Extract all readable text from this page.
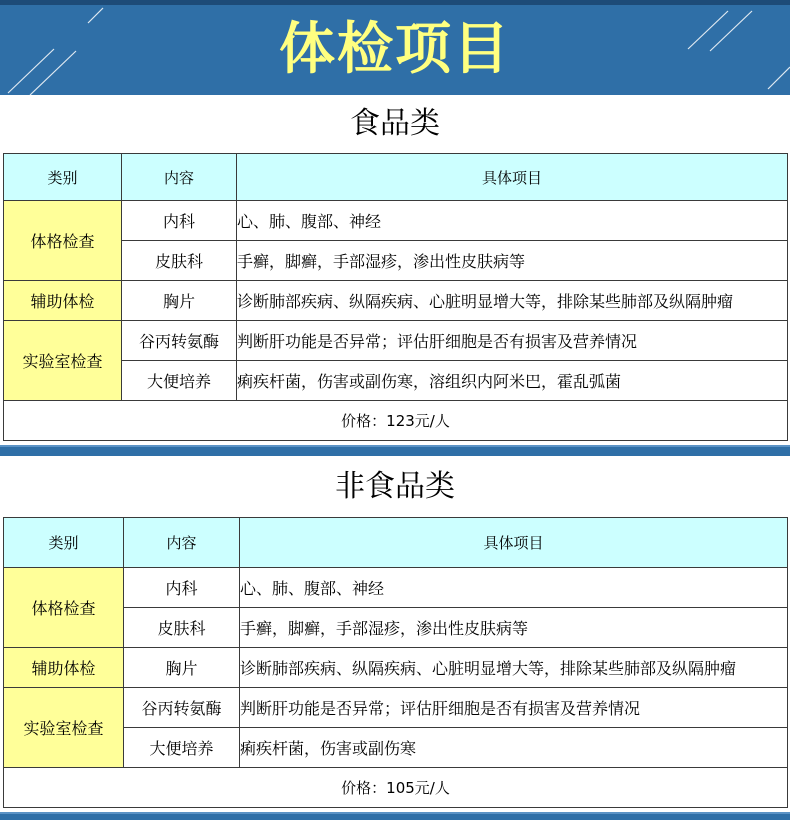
体检项目
食品类
类别	内容	具体项目
体格检查	内科	心、肺、腹部、神经
	皮肤科	手癣，脚癣，手部湿疹，渗出性皮肤病等
辅助体检	胸片	诊断肺部疾病、纵隔疾病、心脏明显增大等，排除某些肺部及纵隔肿瘤
实验室检查	谷丙转氨酶	判断肝功能是否异常；评估肝细胞是否有损害及营养情况
	大便培养	痢疾杆菌，伤害或副伤寒，溶组织内阿米巴，霍乱弧菌
价格：123元/人		
非食品类
类别	内容	具体项目
体格检查	内科	心、肺、腹部、神经
	皮肤科	手癣，脚癣，手部湿疹，渗出性皮肤病等
辅助体检	胸片	诊断肺部疾病、纵隔疾病、心脏明显增大等，排除某些肺部及纵隔肿瘤
实验室检查	谷丙转氨酶	判断肝功能是否异常；评估肝细胞是否有损害及营养情况
	大便培养	痢疾杆菌，伤害或副伤寒
价格：105元/人		
